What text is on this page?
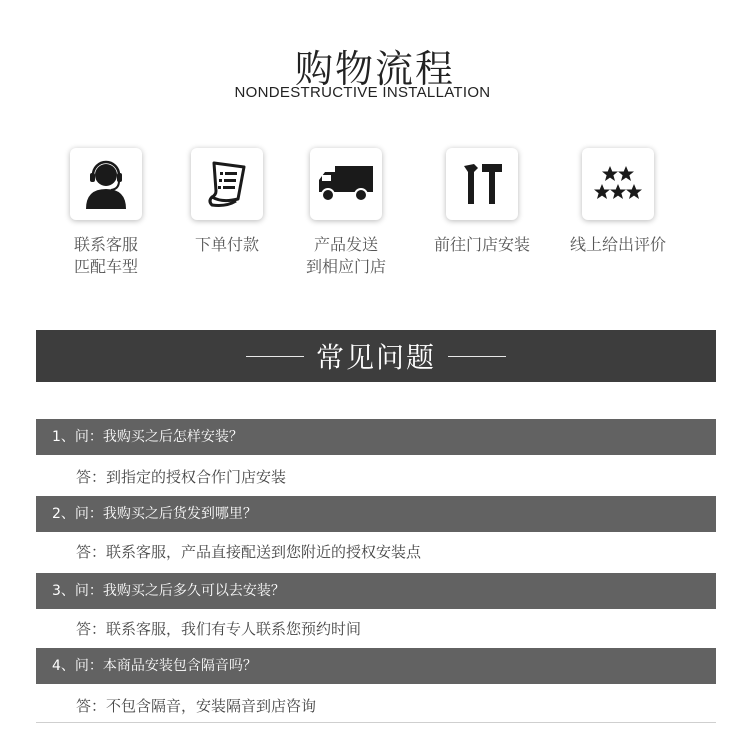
购物流程
NONDESTRUCTIVE INSTALLATION
联系客服
匹配车型
下单付款	产品发送
到相应门店
前往门店安装	线上给出评价
常见问题
1、问：我购买之后怎样安装？
答：到指定的授权合作门店安装
2、问：我购买之后货发到哪里？
答：联系客服，产品直接配送到您附近的授权安装点
3、问：我购买之后多久可以去安装？
答：联系客服，我们有专人联系您预约时间
4、问：本商品安装包含隔音吗？
答：不包含隔音，安装隔音到店咨询
